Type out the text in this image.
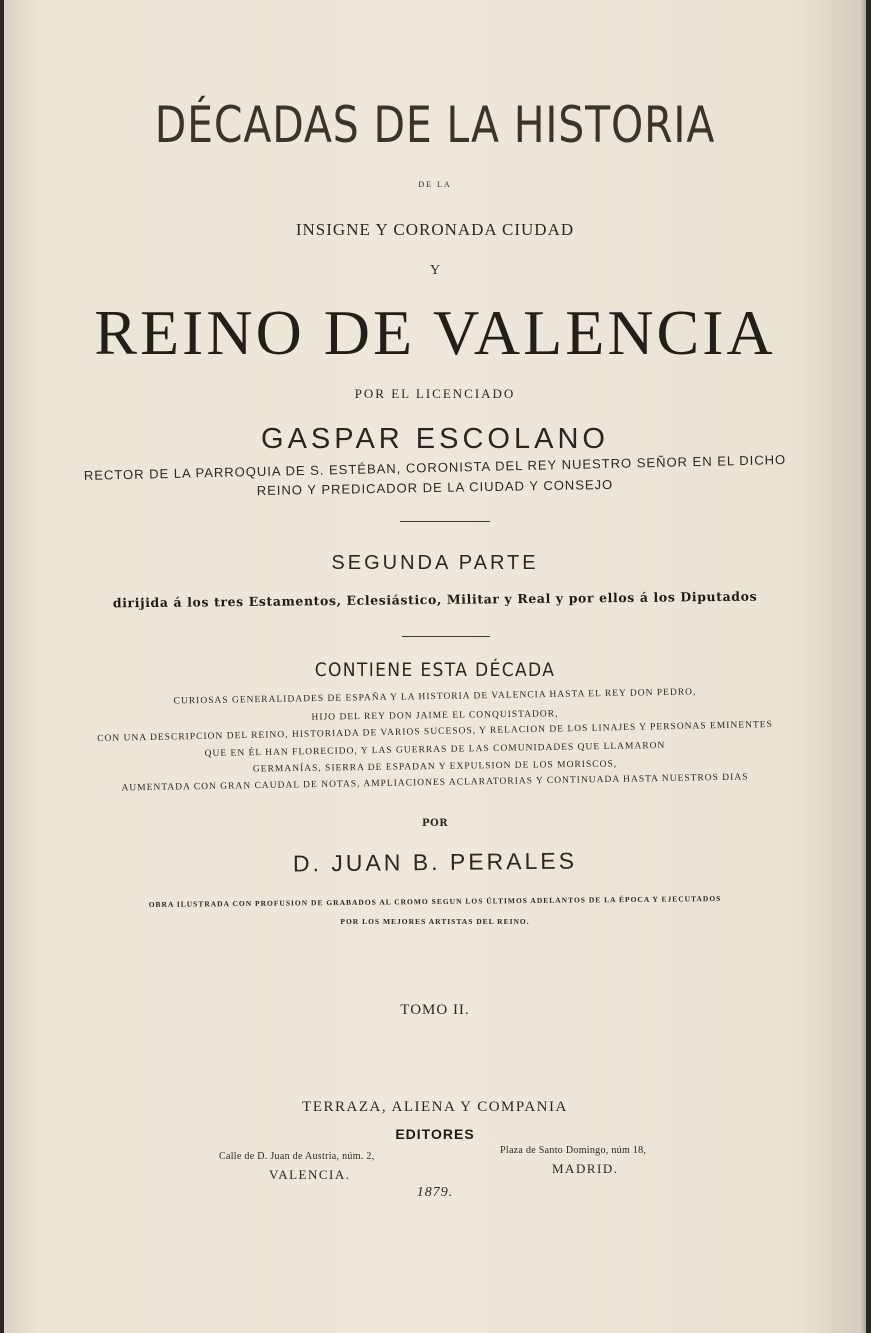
DÉCADAS DE LA HISTORIA
DE LA
INSIGNE Y CORONADA CIUDAD
Y
REINO DE VALENCIA
POR EL LICENCIADO
GASPAR ESCOLANO
RECTOR DE LA PARROQUIA DE S. ESTÉBAN, CORONISTA DEL REY NUESTRO SEÑOR EN EL DICHO
REINO Y PREDICADOR DE LA CIUDAD Y CONSEJO
SEGUNDA PARTE
dirijida á los tres Estamentos, Eclesiástico, Militar y Real y por ellos á los Diputados
CONTIENE ESTA DÉCADA
CURIOSAS GENERALIDADES DE ESPAÑA Y LA HISTORIA DE VALENCIA HASTA EL REY DON PEDRO,
HIJO DEL REY DON JAIME EL CONQUISTADOR,
CON UNA DESCRIPCION DEL REINO, HISTORIADA DE VARIOS SUCESOS, Y RELACION DE LOS LINAJES Y PERSONAS EMINENTES
QUE EN ÉL HAN FLORECIDO, Y LAS GUERRAS DE LAS COMUNIDADES QUE LLAMARON
GERMANÍAS, SIERRA DE ESPADAN Y EXPULSION DE LOS MORISCOS,
AUMENTADA CON GRAN CAUDAL DE NOTAS, AMPLIACIONES ACLARATORIAS Y CONTINUADA HASTA NUESTROS DIAS
POR
D. JUAN B. PERALES
OBRA ILUSTRADA CON PROFUSION DE GRABADOS AL CROMO SEGUN LOS ÚLTIMOS ADELANTOS DE LA ÉPOCA Y EJECUTADOS
POR LOS MEJORES ARTISTAS DEL REINO.
TOMO II.
TERRAZA, ALIENA Y COMPANIA
EDITORES
Calle de D. Juan de Austria, núm. 2,
VALENCIA.
Plaza de Santo Domingo, núm 18,
MADRID.
1879.
